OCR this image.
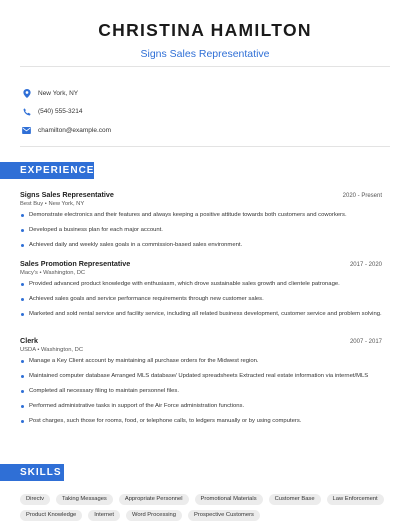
CHRISTINA HAMILTON
Signs Sales Representative
New York, NY
(540) 555-3214
chamilton@example.com
EXPERIENCE
Signs Sales Representative	2020 - Present
Best Buy • New York, NY
Demonstrate electronics and their features and always keeping a positive attitude towards both customers and coworkers.
Developed a business plan for each major account.
Achieved daily and weekly sales goals in a commission-based sales environment.
Sales Promotion Representative	2017 - 2020
Macy's • Washington, DC
Provided advanced product knowledge with enthusiasm, which drove sustainable sales growth and clientele patronage.
Achieved sales goals and service performance requirements through new customer sales.
Marketed and sold rental service and facility service, including all related business development, customer service and problem solving.
Clerk	2007 - 2017
USDA • Washington, DC
Manage a Key Client account by maintaining all purchase orders for the Midwest region.
Maintained computer database Arranged MLS database/ Updated spreadsheets Extracted real estate information via internet/MLS
Completed all necessary filing to maintain personnel files.
Performed administrative tasks in support of the Air Force administration functions.
Post charges, such those for rooms, food, or telephone calls, to ledgers manually or by using computers.
SKILLS
Directv	Taking Messages	Appropriate Personnel	Promotional Materials	Customer Base	Law Enforcement
Product Knowledge	Internet	Word Processing	Prospective Customers
